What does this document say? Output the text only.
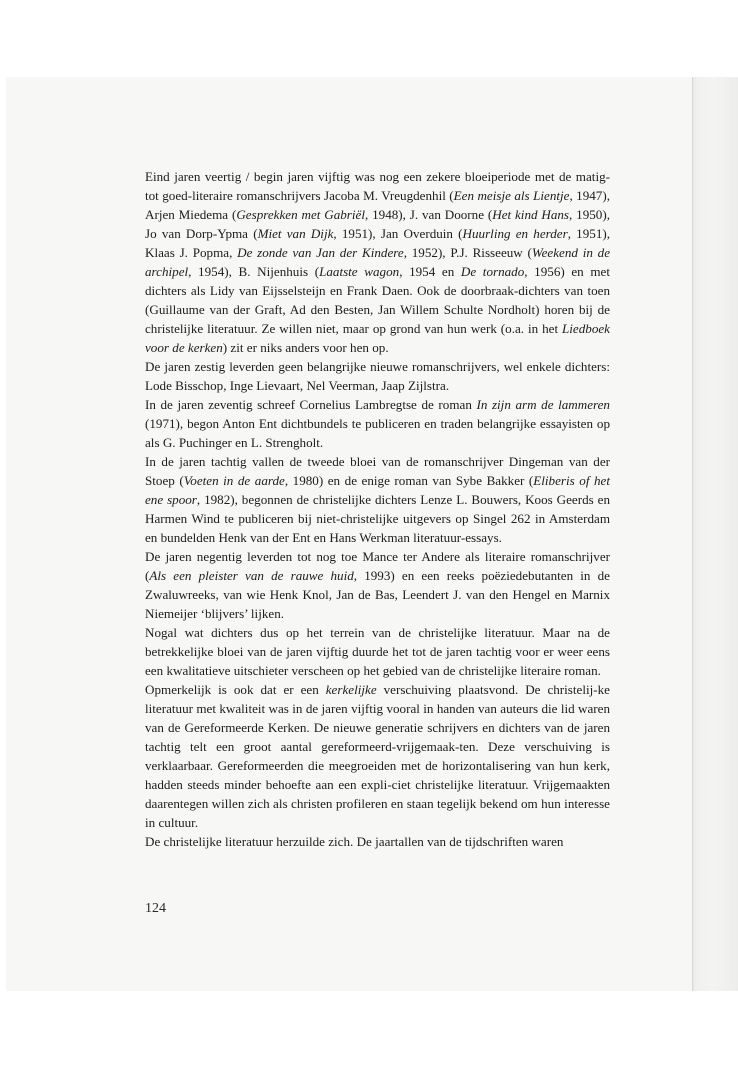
Eind jaren veertig / begin jaren vijftig was nog een zekere bloeiperiode met de matig- tot goed-literaire romanschrijvers Jacoba M. Vreugdenhil (Een meisje als Lientje, 1947), Arjen Miedema (Gesprekken met Gabriël, 1948), J. van Doorne (Het kind Hans, 1950), Jo van Dorp-Ypma (Miet van Dijk, 1951), Jan Overduin (Huurling en herder, 1951), Klaas J. Popma, De zonde van Jan der Kindere, 1952), P.J. Risseeuw (Weekend in de archipel, 1954), B. Nijenhuis (Laatste wagon, 1954 en De tornado, 1956) en met dichters als Lidy van Eijsselsteijn en Frank Daen. Ook de doorbraak-dichters van toen (Guillaume van der Graft, Ad den Besten, Jan Willem Schulte Nordholt) horen bij de christelijke literatuur. Ze willen niet, maar op grond van hun werk (o.a. in het Liedboek voor de kerken) zit er niks anders voor hen op.

De jaren zestig leverden geen belangrijke nieuwe romanschrijvers, wel enkele dichters: Lode Bisschop, Inge Lievaart, Nel Veerman, Jaap Zijlstra.

In de jaren zeventig schreef Cornelius Lambregtse de roman In zijn arm de lammeren (1971), begon Anton Ent dichtbundels te publiceren en traden belangrijke essayisten op als G. Puchinger en L. Strengholt.

In de jaren tachtig vallen de tweede bloei van de romanschrijver Dingeman van der Stoep (Voeten in de aarde, 1980) en de enige roman van Sybe Bakker (Eliberis of het ene spoor, 1982), begonnen de christelijke dichters Lenze L. Bouwers, Koos Geerds en Harmen Wind te publiceren bij niet-christelijke uitgevers op Singel 262 in Amsterdam en bundelden Henk van der Ent en Hans Werkman literatuur-essays.

De jaren negentig leverden tot nog toe Mance ter Andere als literaire romanschrijver (Als een pleister van de rauwe huid, 1993) en een reeks poëziedebutanten in de Zwaluwreeks, van wie Henk Knol, Jan de Bas, Leendert J. van den Hengel en Marnix Niemeijer ‘blijvers’ lijken.

Nogal wat dichters dus op het terrein van de christelijke literatuur. Maar na de betrekkelijke bloei van de jaren vijftig duurde het tot de jaren tachtig voor er weer eens een kwalitatieve uitschieter verscheen op het gebied van de christelijke literaire roman.

Opmerkelijk is ook dat er een kerkelijke verschuiving plaatsvond. De christelij-ke literatuur met kwaliteit was in de jaren vijftig vooral in handen van auteurs die lid waren van de Gereformeerde Kerken. De nieuwe generatie schrijvers en dichters van de jaren tachtig telt een groot aantal gereformeerd-vrijgemaak-ten. Deze verschuiving is verklaarbaar. Gereformeerden die meegroeiden met de horizontalisering van hun kerk, hadden steeds minder behoefte aan een expli-ciet christelijke literatuur. Vrijgemaakten daarentegen willen zich als christen profileren en staan tegelijk bekend om hun interesse in cultuur.

De christelijke literatuur herzuilde zich. De jaartallen van de tijdschriften waren

124
